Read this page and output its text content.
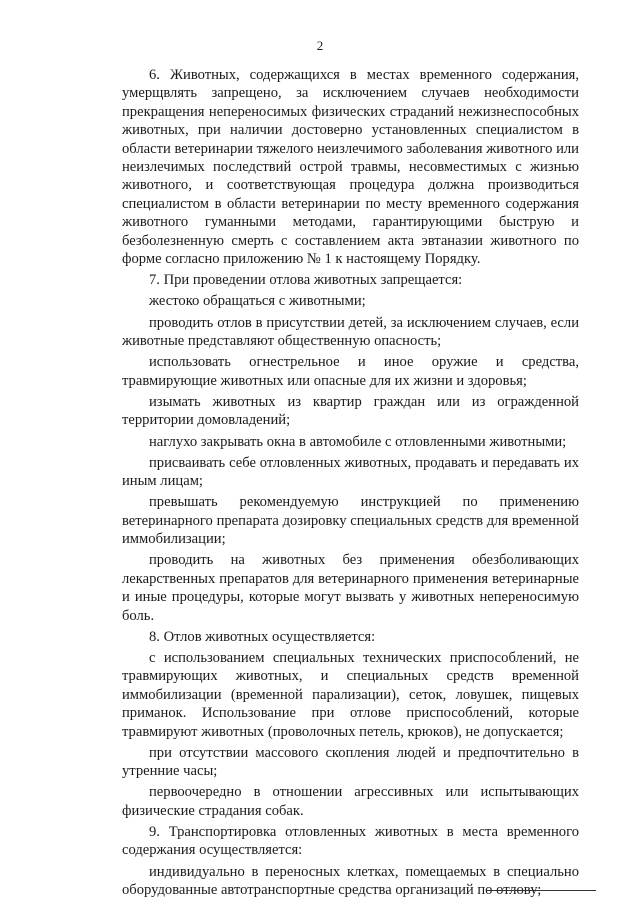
2

6. Животных, содержащихся в местах временного содержания, умерщвлять запрещено, за исключением случаев необходимости прекращения непереносимых физических страданий нежизнеспособных животных, при наличии достоверно установленных специалистом в области ветеринарии тяжелого неизлечимого заболевания животного или неизлечимых последствий острой травмы, несовместимых с жизнью животного, и соответствующая процедура должна производиться специалистом в области ветеринарии по месту временного содержания животного гуманными методами, гарантирующими быструю и безболезненную смерть с составлением акта эвтаназии животного по форме согласно приложению № 1 к настоящему Порядку.

7. При проведении отлова животных запрещается:

жестоко обращаться с животными;

проводить отлов в присутствии детей, за исключением случаев, если животные представляют общественную опасность;

использовать огнестрельное и иное оружие и средства, травмирующие животных или опасные для их жизни и здоровья;

изымать животных из квартир граждан или из огражденной территории домовладений;

наглухо закрывать окна в автомобиле с отловленными животными;

присваивать себе отловленных животных, продавать и передавать их иным лицам;

превышать рекомендуемую инструкцией по применению ветеринарного препарата дозировку специальных средств для временной иммобилизации;

проводить на животных без применения обезболивающих лекарственных препаратов для ветеринарного применения ветеринарные и иные процедуры, которые могут вызвать у животных непереносимую боль.

8. Отлов животных осуществляется:

с использованием специальных технических приспособлений, не травмирующих животных, и специальных средств временной иммобилизации (временной парализации), сеток, ловушек, пищевых приманок. Использование при отлове приспособлений, которые травмируют животных (проволочных петель, крюков), не допускается;

при отсутствии массового скопления людей и предпочтительно в утренние часы;

первоочередно в отношении агрессивных или испытывающих физические страдания собак.

9. Транспортировка отловленных животных в места временного содержания осуществляется:

индивидуально в переносных клетках, помещаемых в специально оборудованные автотранспортные средства организаций по отлову;
